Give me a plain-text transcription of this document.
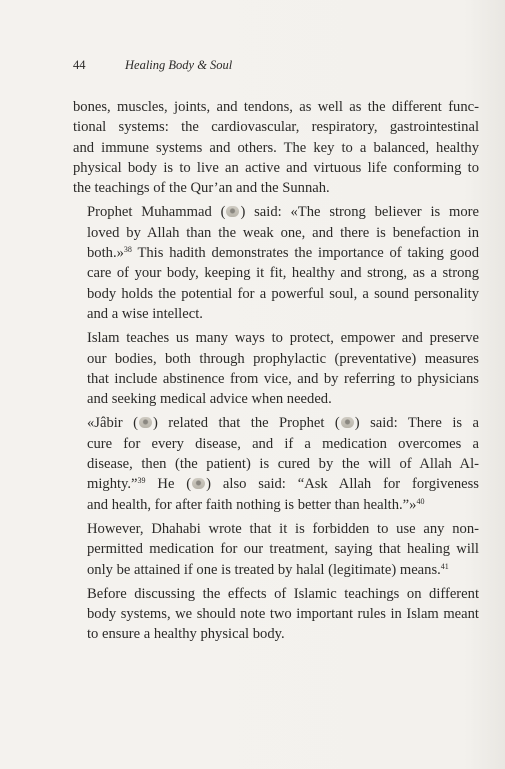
44	Healing Body & Soul

bones, muscles, joints, and tendons, as well as the different func-
tional systems: the cardiovascular, respiratory, gastrointestinal
and immune systems and others. The key to a balanced, healthy
physical body is to live an active and virtuous life conforming to
the teachings of the Qur’an and the Sunnah.

Prophet Muhammad ( ) said: «The strong believer is more
loved by Allah than the weak one, and there is benefaction in
both.»$^{38}$ This hadith demonstrates the importance of taking good
care of your body, keeping it fit, healthy and strong, as a strong
body holds the potential for a powerful soul, a sound personality
and a wise intellect.

Islam teaches us many ways to protect, empower and preserve
our bodies, both through prophylactic (preventative) measures
that include abstinence from vice, and by referring to physicians
and seeking medical advice when needed.

«Jâbir ( ) related that the Prophet ( ) said: There is a
cure for every disease, and if a medication overcomes a
disease, then (the patient) is cured by the will of Allah Al-
mighty.”$^{39}$ He ( ) also said: “Ask Allah for forgiveness
and health, for after faith nothing is better than health.”»$^{40}$

However, Dhahabi wrote that it is forbidden to use any non-
permitted medication for our treatment, saying that healing will
only be attained if one is treated by halal (legitimate) means.$^{41}$

Before discussing the effects of Islamic teachings on different
body systems, we should note two important rules in Islam meant
to ensure a healthy physical body.
